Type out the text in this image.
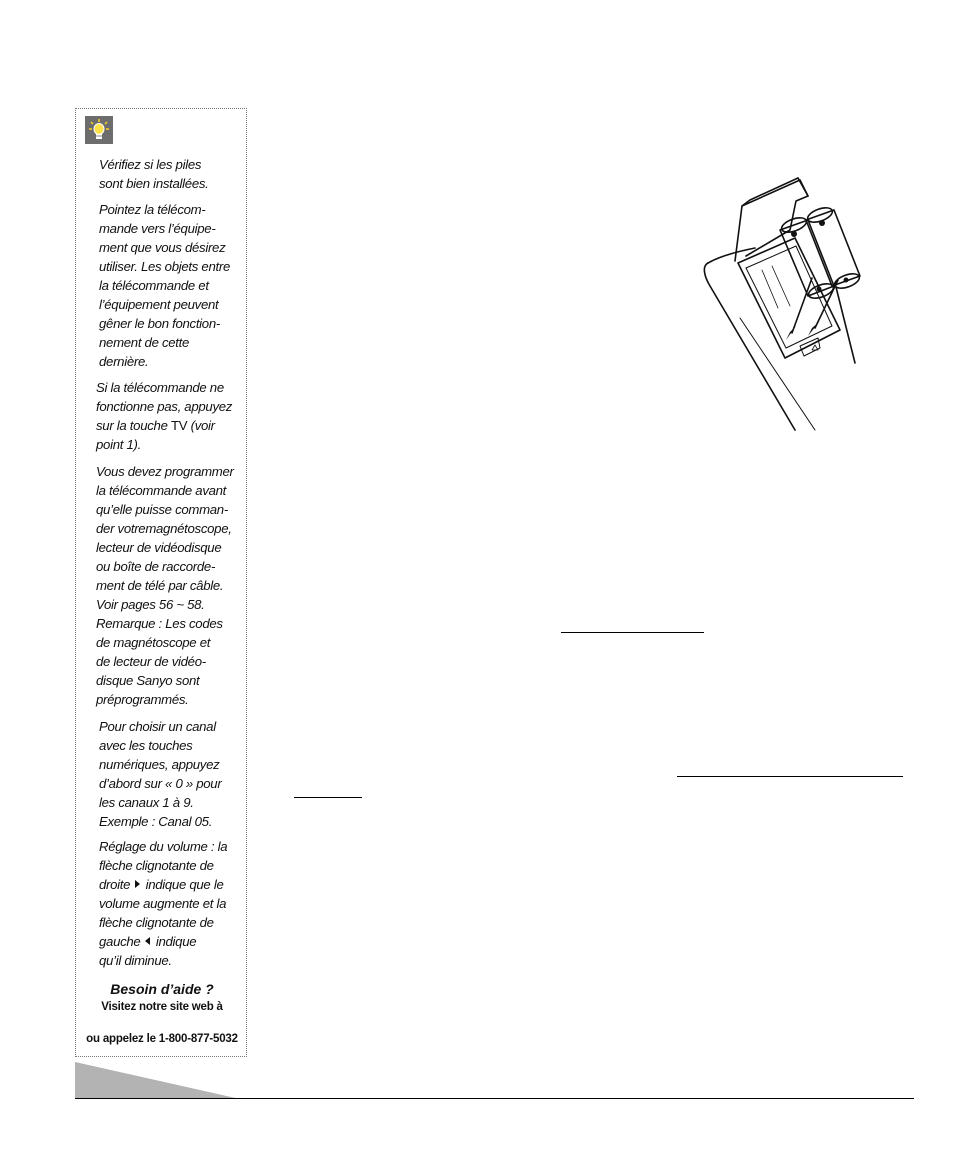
Vérifiez si les piles
sont bien installées.

Pointez la télécom-
mande vers l’équipe-
ment que vous désirez
utiliser. Les objets entre
la télécommande et
l’équipement peuvent
gêner le bon fonction-
nement de cette
dernière.

Si la télécommande ne
fonctionne pas, appuyez
sur la touche TV (voir
point 1).

Vous devez programmer
la télécommande avant
qu’elle puisse comman-
der votremagnétoscope,
lecteur de vidéodisque
ou boîte de raccorde-
ment de télé par câble.
Voir pages 56 ~ 58.
Remarque : Les codes
de magnétoscope et
de lecteur de vidéo-
disque Sanyo sont
préprogrammés.

Pour choisir un canal
avec les touches
numériques, appuyez
d’abord sur « 0 » pour
les canaux 1 à 9.
Exemple : Canal 05.

Réglage du volume : la
flèche clignotante de
droite indique que le
volume augmente et la
flèche clignotante de
gauche indique
qu’il diminue.
Besoin d’aide ?
Visitez notre site web à
ou appelez le 1-800-877-5032
